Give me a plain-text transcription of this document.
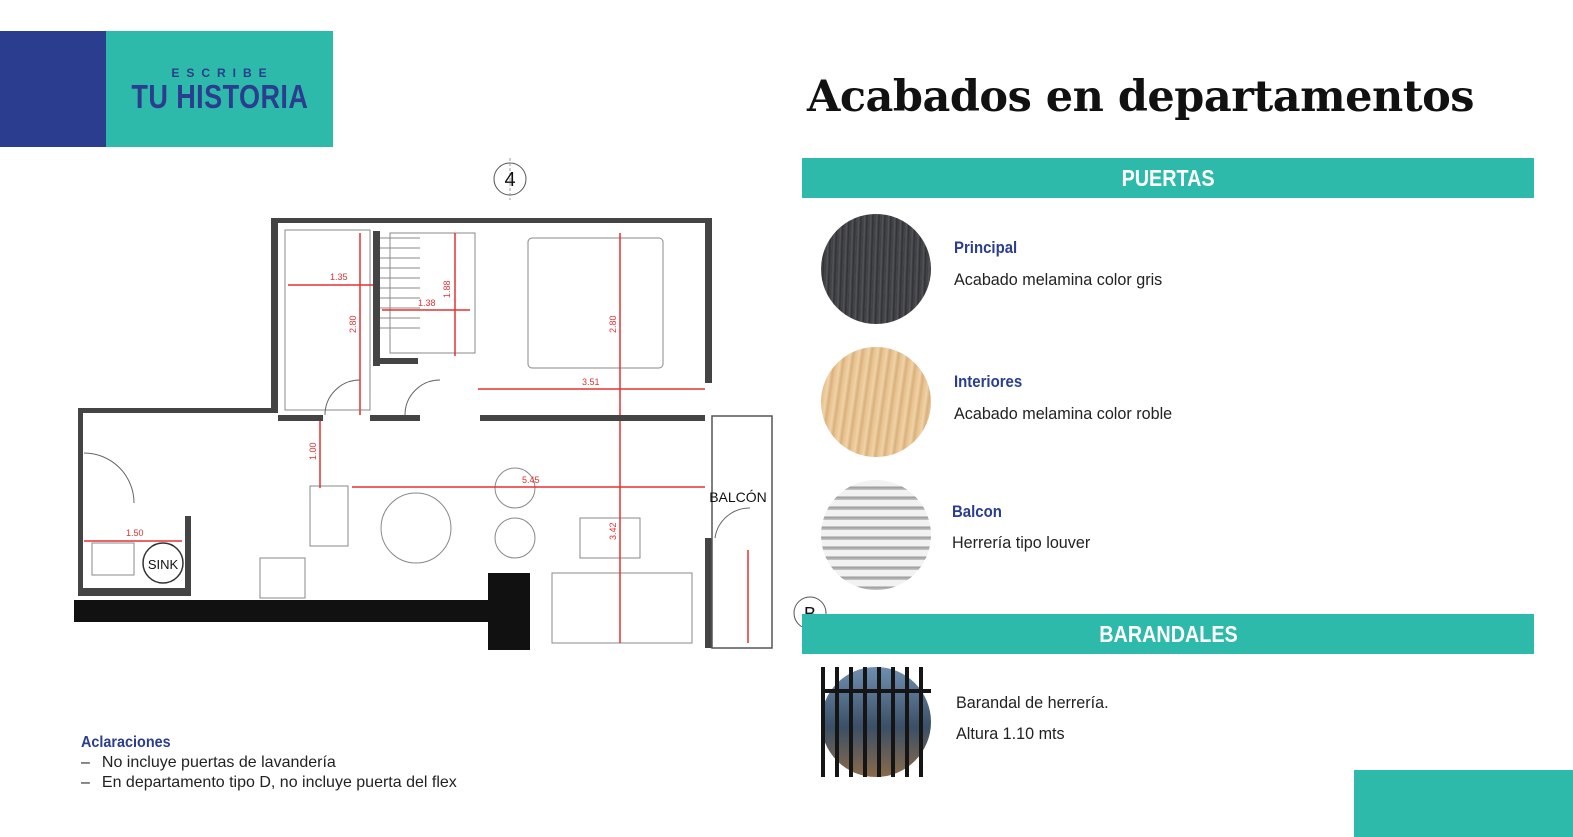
ESCRIBE
TU HISTORIA	Acabados en departamentos
4
BALCÓN
SINK
1.35
1.38
1.88
2.80	2.80
3.51
1.00
5.45
1.50	3.42
PUERTAS
Principal
Acabado melamina color gris
Interiores
Acabado melamina color roble
Balcon
Herrería tipo louver
BARANDALES
Barandal de herrería.
Altura 1.10 mts
Aclaraciones
– No incluye puertas de lavandería
– En departamento tipo D, no incluye puerta del flex
